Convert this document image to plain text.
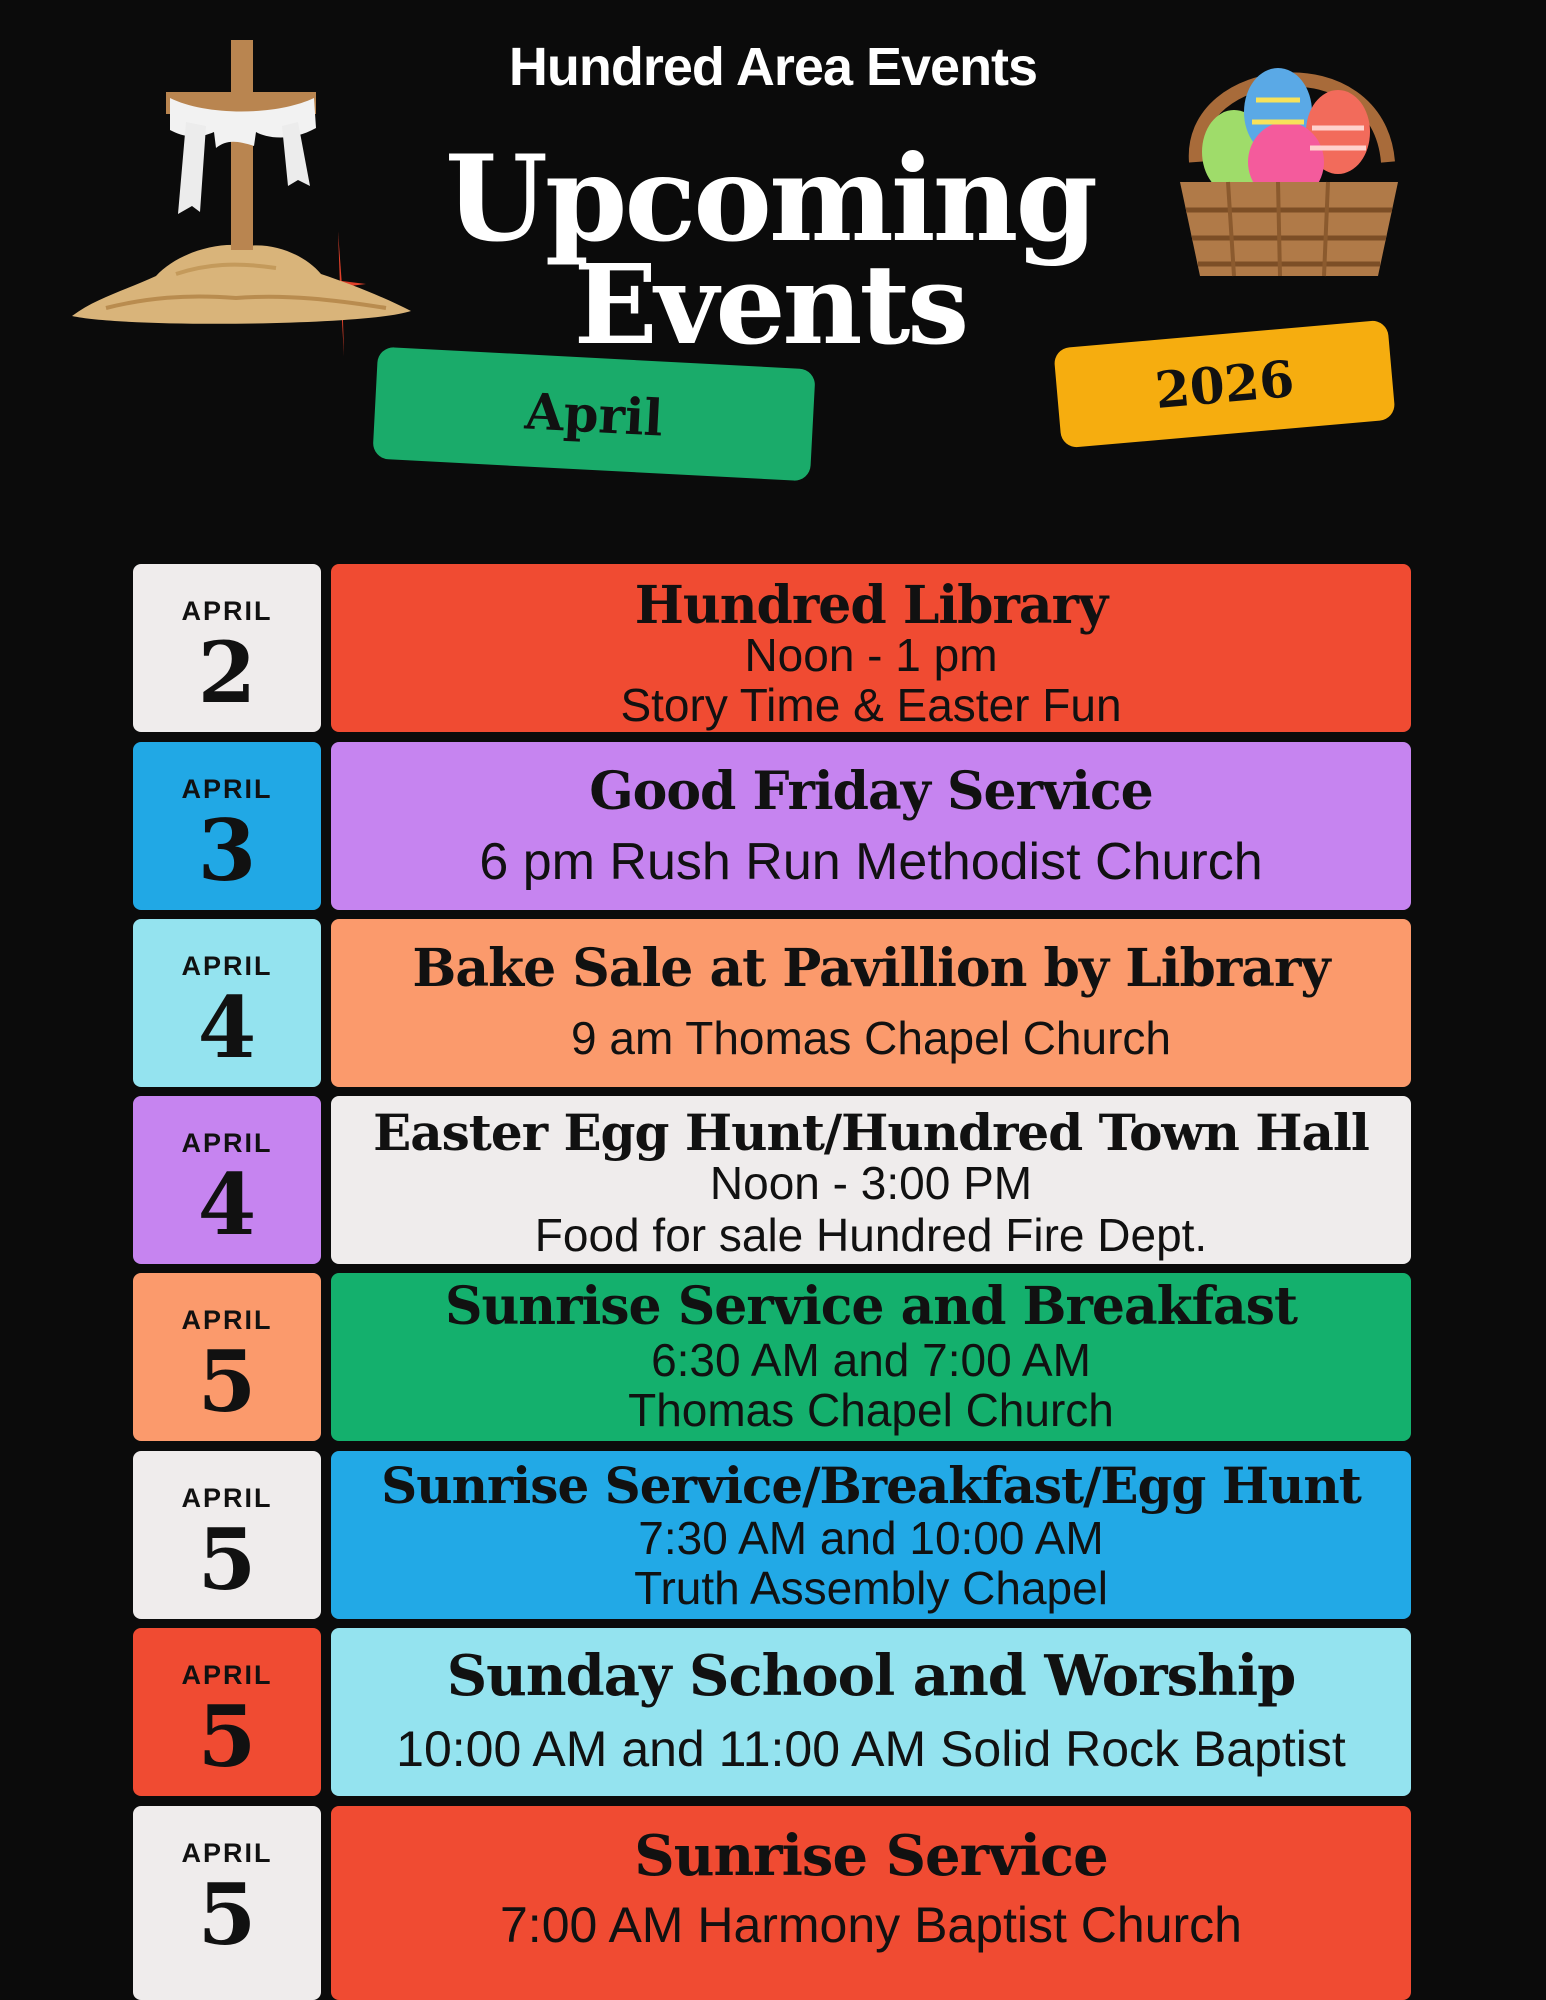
Hundred Area Events
Upcoming
Events
April	2026
APRIL
2
Hundred Library
Noon - 1 pm
Story Time & Easter Fun
APRIL
3
Good Friday Service
6 pm Rush Run Methodist Church
APRIL
4
Bake Sale at Pavillion by Library
9 am Thomas Chapel Church
APRIL
4
Easter Egg Hunt/Hundred Town Hall
Noon - 3:00 PM
Food for sale Hundred Fire Dept.
APRIL
5
Sunrise Service and Breakfast
6:30 AM and 7:00 AM
Thomas Chapel Church
APRIL
5
Sunrise Service/Breakfast/Egg Hunt
7:30 AM and 10:00 AM
Truth Assembly Chapel
APRIL
5
Sunday School and Worship
10:00 AM and 11:00 AM Solid Rock Baptist
APRIL
5
Sunrise Service
7:00 AM Harmony Baptist Church
